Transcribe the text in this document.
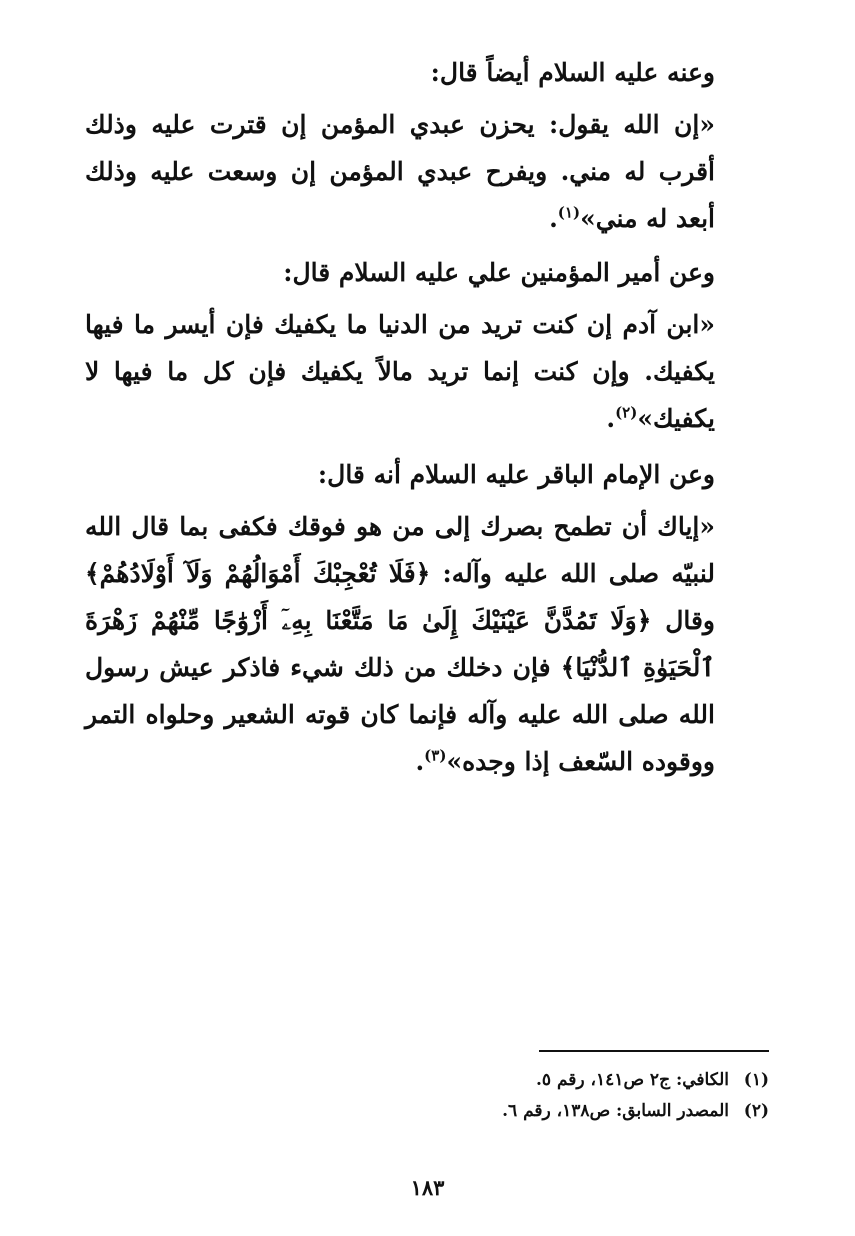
وعنه عليه السلام أيضاً قال:

«إن الله يقول: يحزن عبدي المؤمن إن قترت عليه وذلك أقرب له مني. ويفرح عبدي المؤمن إن وسعت عليه وذلك أبعد له مني»$^{(١)}$.

وعن أمير المؤمنين علي عليه السلام قال:

«ابن آدم إن كنت تريد من الدنيا ما يكفيك فإن أيسر ما فيها يكفيك. وإن كنت إنما تريد مالاً يكفيك فإن كل ما فيها لا يكفيك»$^{(٢)}$.

وعن الإمام الباقر عليه السلام أنه قال:

«إياك أن تطمح بصرك إلى من هو فوقك فكفى بما قال الله لنبيّه صلى الله عليه وآله: ﴿فَلَا تُعْجِبْكَ أَمْوَالُهُمْ وَلَآ أَوْلَادُهُمْ﴾ وقال ﴿وَلَا تَمُدَّنَّ عَيْنَيْكَ إِلَىٰ مَا مَتَّعْنَا بِهِۦٓ أَزْوَٰجًا مِّنْهُمْ زَهْرَةَ ٱلْحَيَوٰةِ ٱلدُّنْيَا﴾ فإن دخلك من ذلك شيء فاذكر عيش رسول الله صلى الله عليه وآله فإنما كان قوته الشعير وحلواه التمر ووقوده السّعف إذا وجده»$^{(٣)}$.

(١)الكافي: ج٢ ص١٤١، رقم ٥.
(٢)المصدر السابق: ص١٣٨، رقم ٦.
١٨٣
